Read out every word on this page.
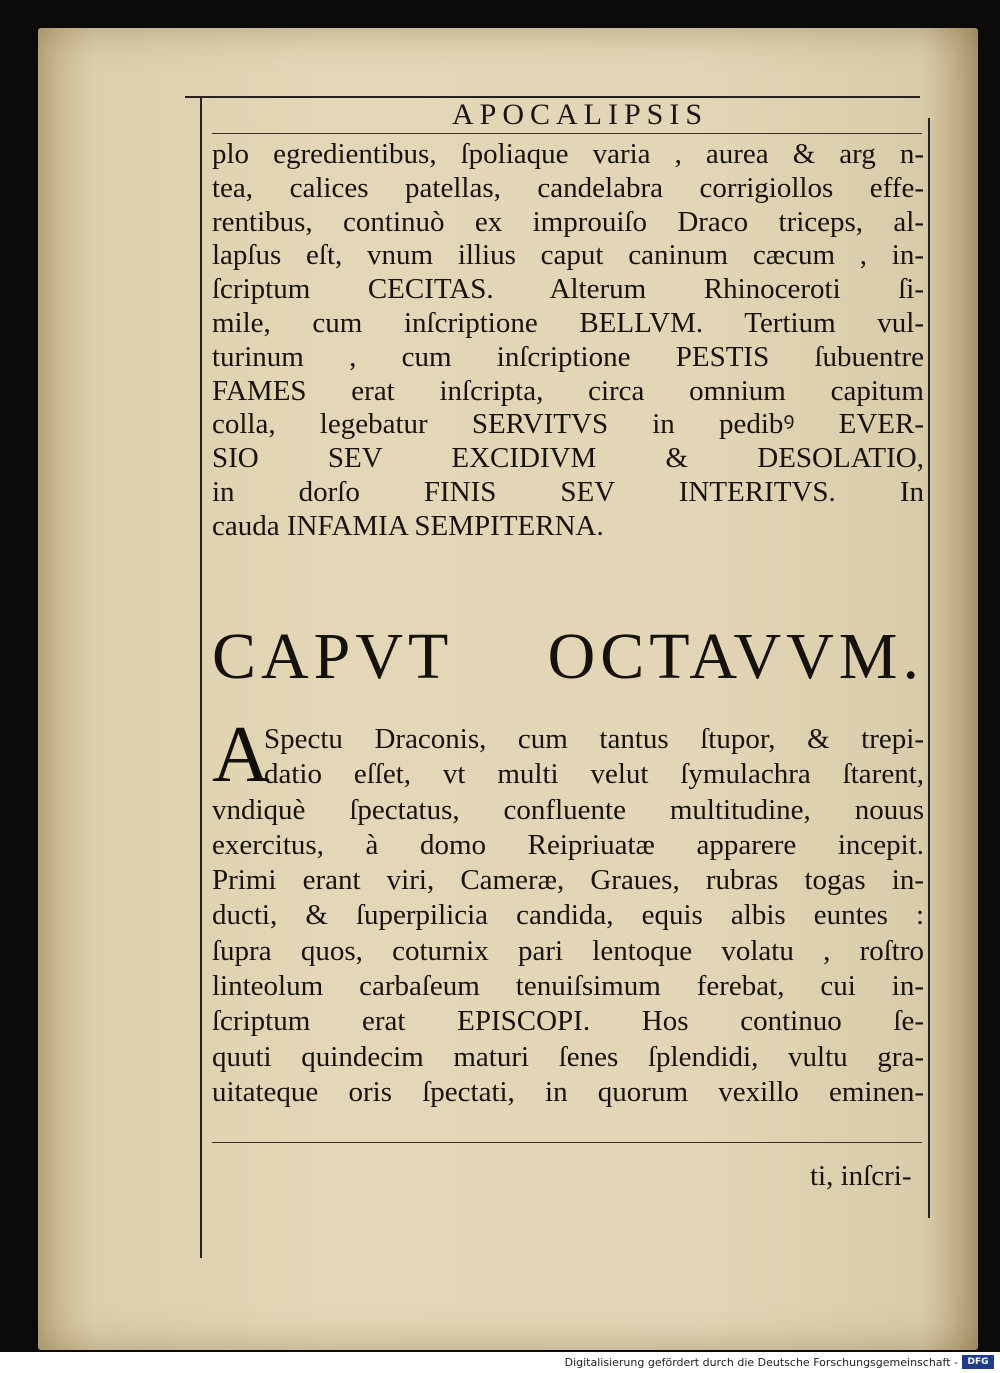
APOCALIPSIS
plo egredientibus, ſpoliaque varia , aurea & arg n-
tea, calices patellas, candelabra corrigiollos effe-
rentibus, continuò ex improuiſo Draco triceps, al-
lapſus eſt, vnum illius caput caninum cæcum , in-
ſcriptum CECITAS. Alterum Rhinoceroti ſi-
mile, cum inſcriptione BELLVM. Tertium vul-
turinum , cum inſcriptione PESTIS ſubuentre
FAMES erat inſcripta, circa omnium capitum
colla, legebatur SERVITVS in pedibꝰ EVER-
SIO SEV EXCIDIVM & DESOLATIO,
in dorſo FINIS SEV INTERITVS. In
cauda INFAMIA SEMPITERNA.
CAPVT OCTAVVM.
A
Spectu Draconis, cum tantus ſtupor, & trepi-
datio eſſet, vt multi velut ſymulachra ſtarent,
vndiquè ſpectatus, confluente multitudine, nouus
exercitus, à domo Reipriuatæ apparere incepit.
Primi erant viri, Cameræ, Graues, rubras togas in-
ducti, & ſuperpilicia candida, equis albis euntes :
ſupra quos, coturnix pari lentoque volatu , roſtro
linteolum carbaſeum tenuiſsimum ferebat, cui in-
ſcriptum erat EPISCOPI. Hos continuo ſe-
quuti quindecim maturi ſenes ſplendidi, vultu gra-
uitateque oris ſpectati, in quorum vexillo eminen-
ti, inſcri-
Digitalisierung gefördert durch die Deutsche Forschungsgemeinschaft -	DFG
